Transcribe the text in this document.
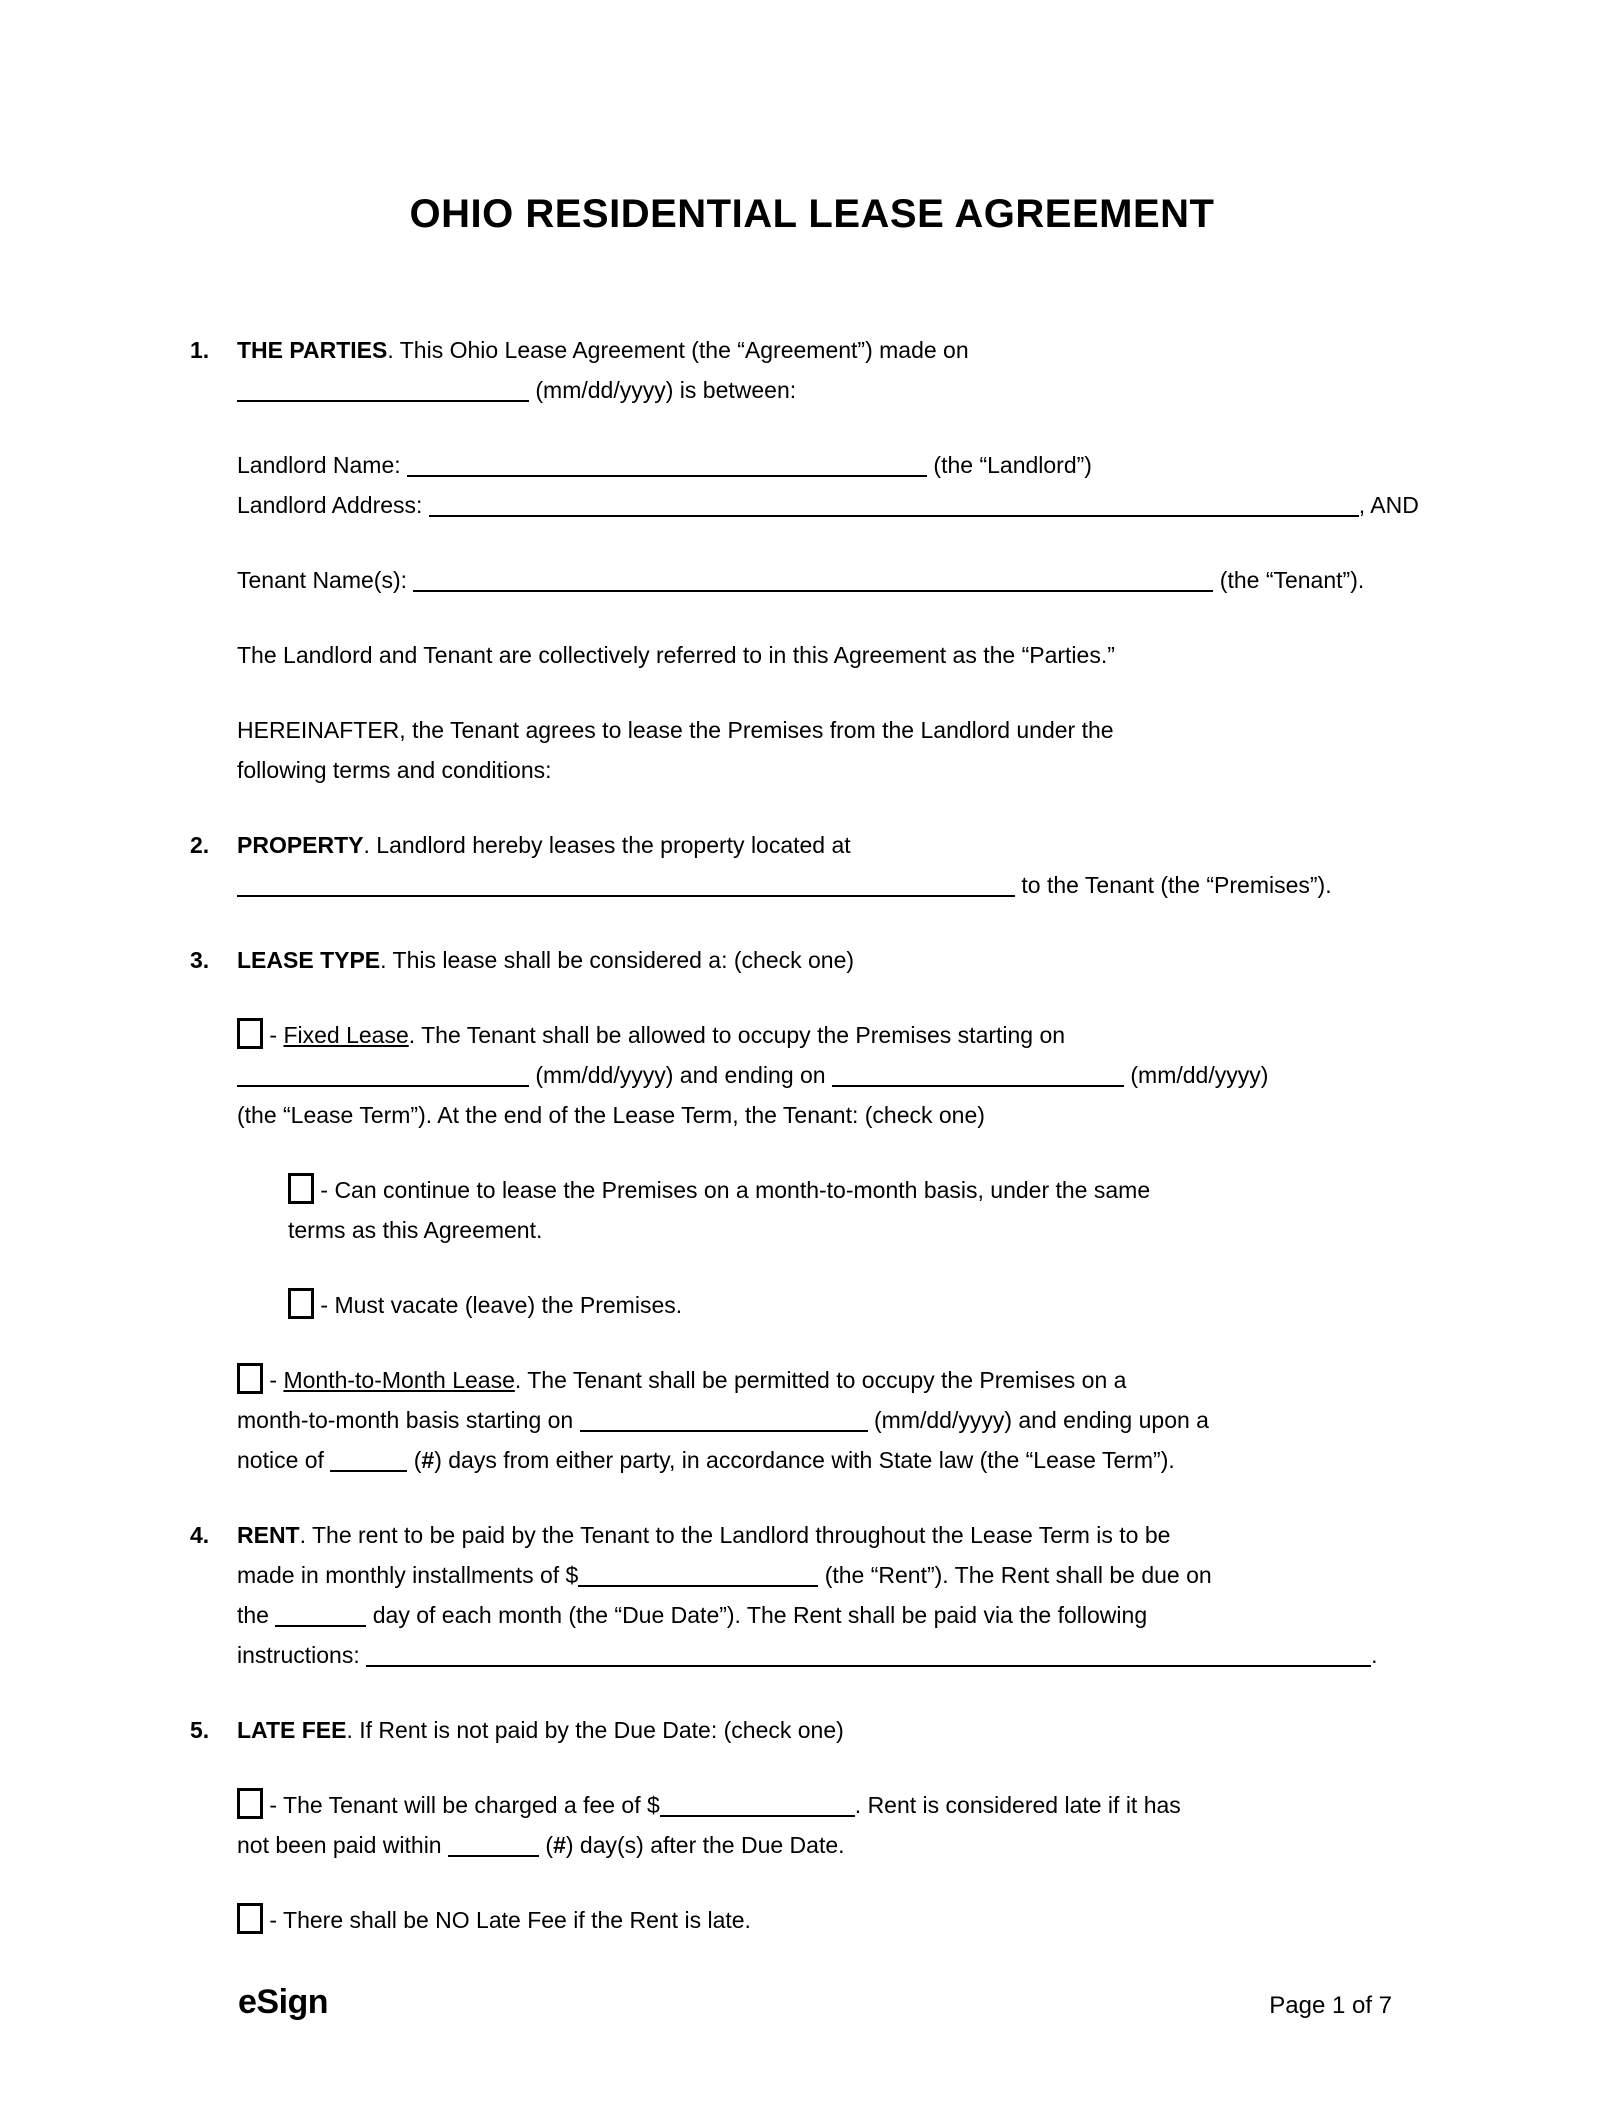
OHIO RESIDENTIAL LEASE AGREEMENT
1.	THE PARTIES. This Ohio Lease Agreement (the “Agreement”) made on
(mm/dd/yyyy) is between:
Landlord Name:	(the “Landlord”)
Landlord Address:	, AND
Tenant Name(s):	(the “Tenant”).
The Landlord and Tenant are collectively referred to in this Agreement as the “Parties.”
HEREINAFTER, the Tenant agrees to lease the Premises from the Landlord under the
following terms and conditions:
2.	PROPERTY. Landlord hereby leases the property located at
to the Tenant (the “Premises”).
3.	LEASE TYPE. This lease shall be considered a: (check one)
- Fixed Lease. The Tenant shall be allowed to occupy the Premises starting on
(mm/dd/yyyy) and ending on	(mm/dd/yyyy)
(the “Lease Term”). At the end of the Lease Term, the Tenant: (check one)
- Can continue to lease the Premises on a month-to-month basis, under the same
terms as this Agreement.
- Must vacate (leave) the Premises.
- Month-to-Month Lease. The Tenant shall be permitted to occupy the Premises on a
month-to-month basis starting on	(mm/dd/yyyy) and ending upon a
notice of	(#) days from either party, in accordance with State law (the “Lease Term”).
4.	RENT. The rent to be paid by the Tenant to the Landlord throughout the Lease Term is to be
made in monthly installments of $	(the “Rent”). The Rent shall be due on
the	day of each month (the “Due Date”). The Rent shall be paid via the following
instructions:	.
5.	LATE FEE. If Rent is not paid by the Due Date: (check one)
- The Tenant will be charged a fee of $	. Rent is considered late if it has
not been paid within	(#) day(s) after the Due Date.
- There shall be NO Late Fee if the Rent is late.
eSign	Page 1 of 7
